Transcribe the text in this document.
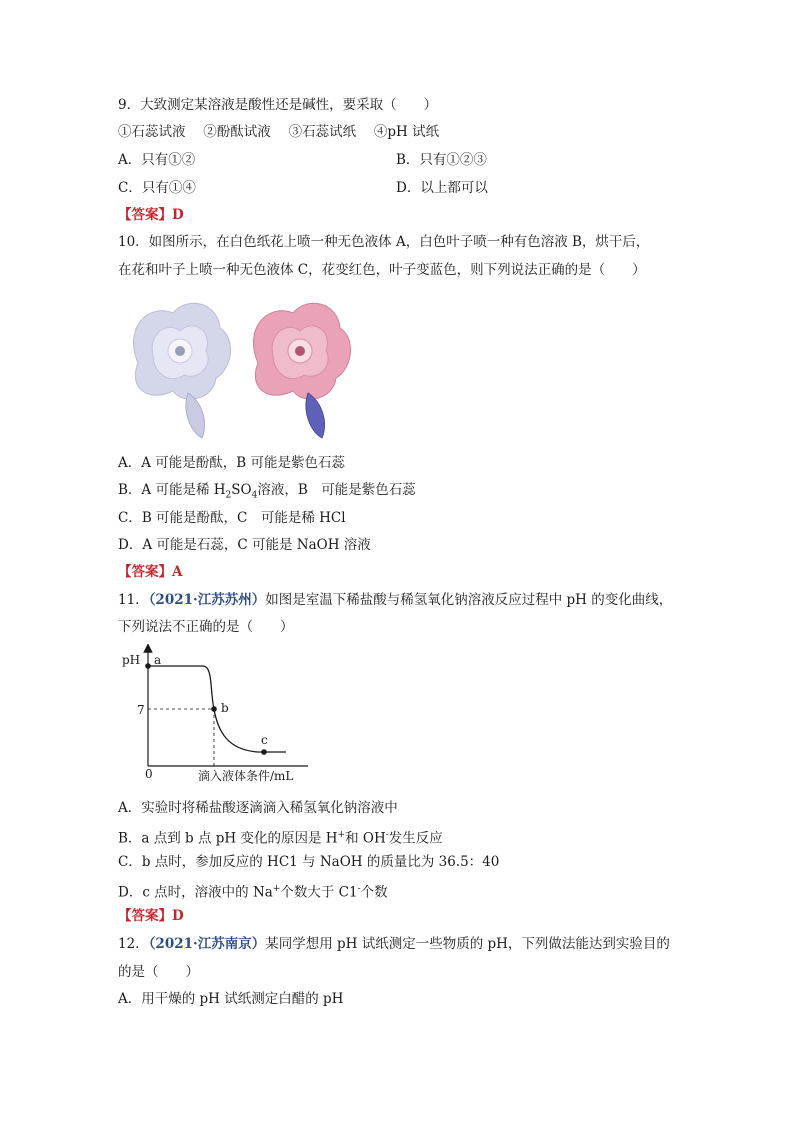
9．大致测定某溶液是酸性还是碱性，要采取（　　）
①石蕊试液　 ②酚酞试液　 ③石蕊试纸　 ④pH 试纸
A．只有①②	B．只有①②③
C．只有①④	D．以上都可以
【答案】D
10．如图所示，在白色纸花上喷一种无色液体 A，白色叶子喷一种有色溶液 B，烘干后，
在花和叶子上喷一种无色液体 C，花变红色，叶子变蓝色，则下列说法正确的是（　　）
A．A 可能是酚酞，B 可能是紫色石蕊
B．A 可能是稀 $H_2SO_4$溶液，B　可能是紫色石蕊
C．B 可能是酚酞，C　可能是稀 HCl
D．A 可能是石蕊，C 可能是 NaOH 溶液
【答案】A
11．（2021·江苏苏州）如图是室温下稀盐酸与稀氢氧化钠溶液反应过程中 pH 的变化曲线，
下列说法不正确的是（　　）
pH
7
0	滴入液体条件/mL
a
b
c
A．实验时将稀盐酸逐滴滴入稀氢氧化钠溶液中
B．a 点到 b 点 pH 变化的原因是 H+和 OH-发生反应
C．b 点时，参加反应的 HC1 与 NaOH 的质量比为 36.5：40
D．c 点时，溶液中的 Na+个数大于 C1-个数
【答案】D
12．（2021·江苏南京）某同学想用 pH 试纸测定一些物质的 pH，下列做法能达到实验目的
的是（　　）
A．用干燥的 pH 试纸测定白醋的 pH
